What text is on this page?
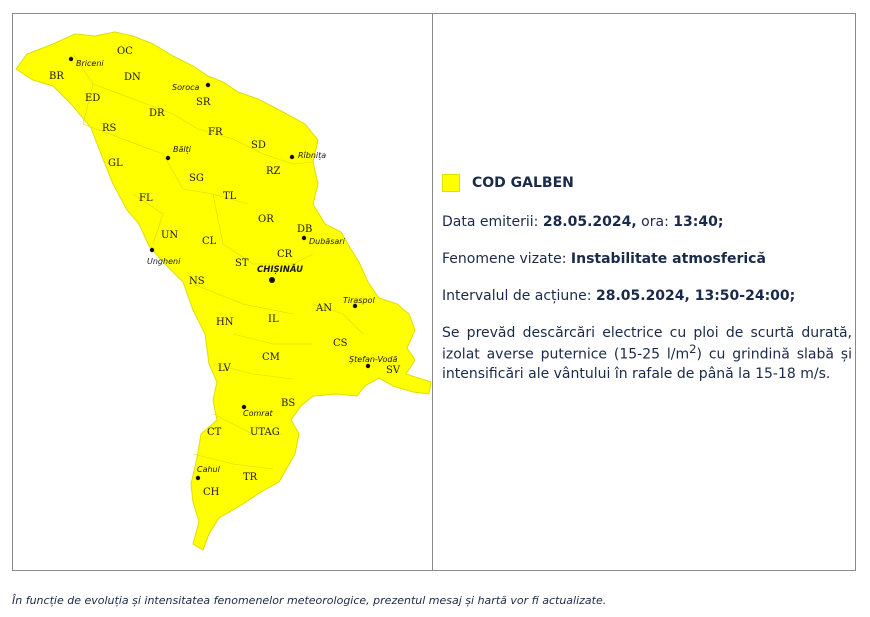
OC
BR	DN
ED	SR
DR
RS	FR
SD
GL
RZ
SG
FL	TL
DB
OR
UN
CL
CR
ST
NS
AN
IL
HN
CS
CM
LV	SV
BS
CT	UTAG
TR
CH
Briceni
Soroca
Bălți
Rîbnița
Dubăsari
Ungheni
CHIȘINĂU
Tiraspol
Ștefan-Vodă
Comrat
Cahul
COD GALBEN
Data emiterii: 28.05.2024, ora: 13:40;
Fenomene vizate: Instabilitate atmosferică
Intervalul de acțiune: 28.05.2024, 13:50-24:00;
Se prevăd descărcări electrice cu ploi de scurtă durată, izolat averse puternice (15-25 $l/m^2$) cu grindină slabă și intensificări ale vântului în rafale de până la 15-18 m/s.
În funcție de evoluția și intensitatea fenomenelor meteorologice, prezentul mesaj și hartă vor fi actualizate.
